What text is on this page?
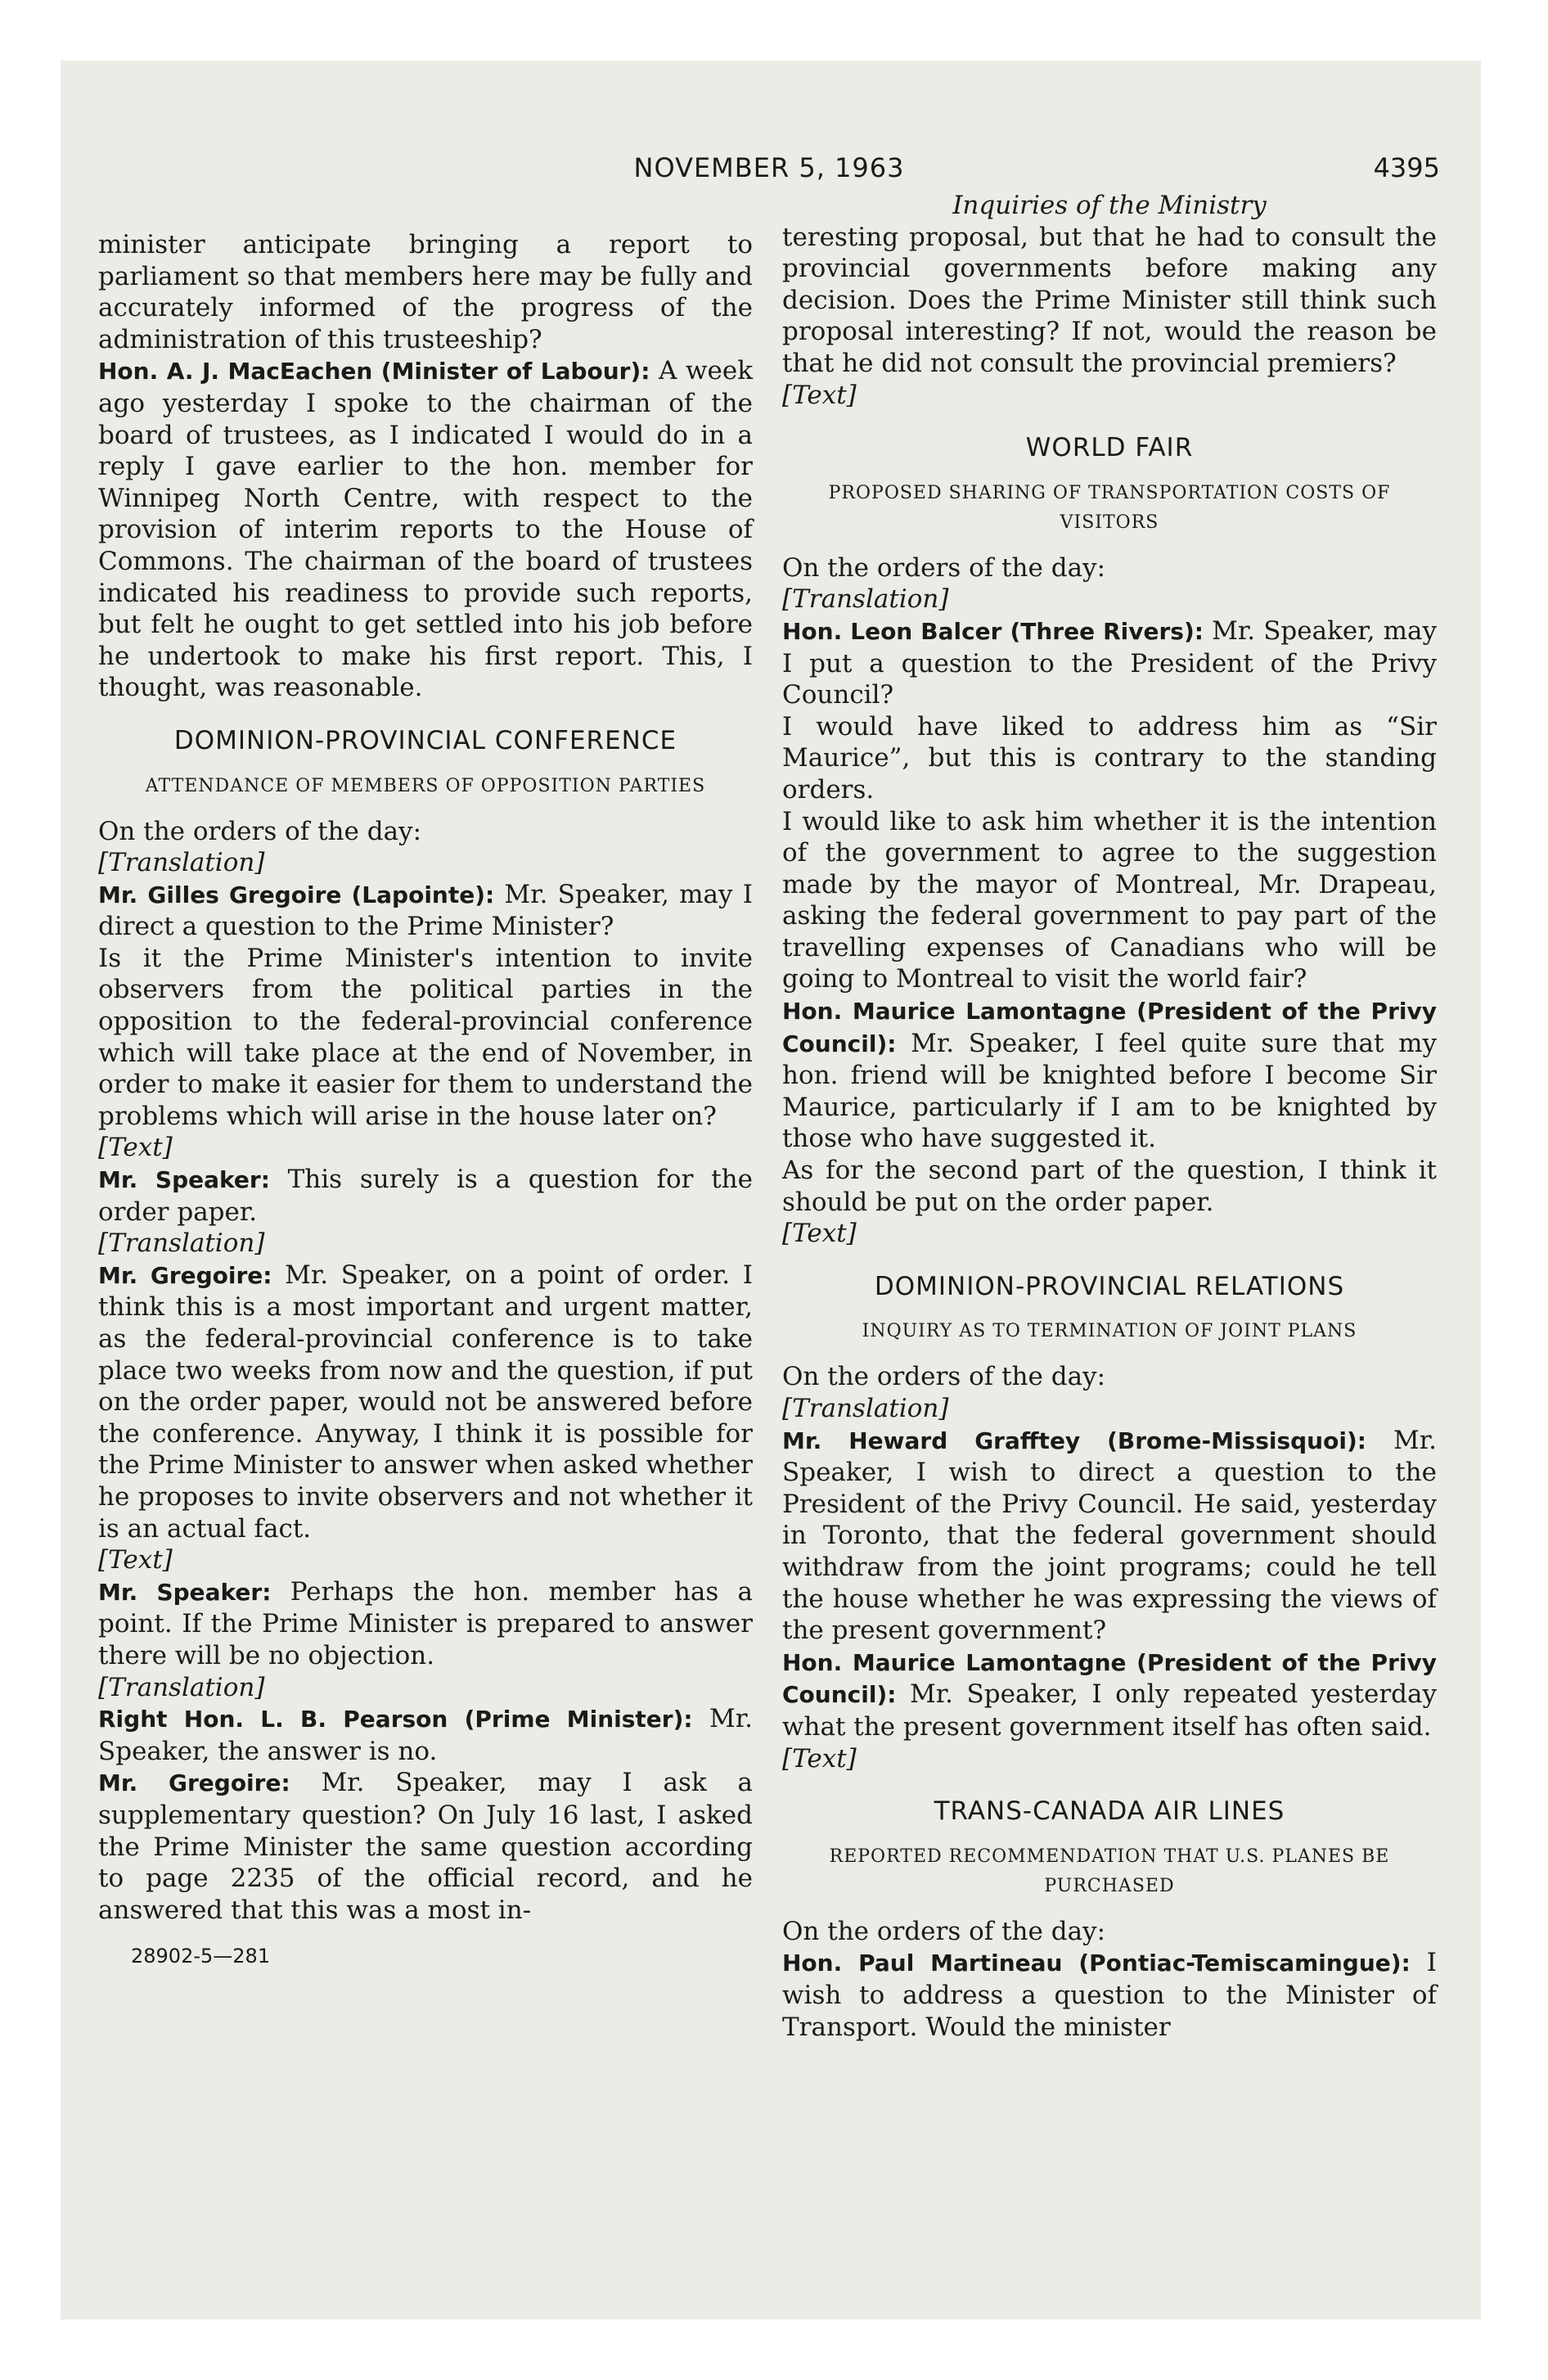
NOVEMBER 5, 1963	4395

minister anticipate bringing a report to parliament so that members here may be fully and accurately informed of the progress of the administration of this trusteeship?

Hon. A. J. MacEachen (Minister of Labour): A week ago yesterday I spoke to the chairman of the board of trustees, as I indicated I would do in a reply I gave earlier to the hon. member for Winnipeg North Centre, with respect to the provision of interim reports to the House of Commons. The chairman of the board of trustees indicated his readiness to provide such reports, but felt he ought to get settled into his job before he undertook to make his first report. This, I thought, was reasonable.

DOMINION-PROVINCIAL CONFERENCE
ATTENDANCE OF MEMBERS OF OPPOSITION PARTIES

On the orders of the day:

[Translation]

Mr. Gilles Gregoire (Lapointe): Mr. Speaker, may I direct a question to the Prime Minister?

Is it the Prime Minister's intention to invite observers from the political parties in the opposition to the federal-provincial conference which will take place at the end of November, in order to make it easier for them to understand the problems which will arise in the house later on?

[Text]

Mr. Speaker: This surely is a question for the order paper.

[Translation]

Mr. Gregoire: Mr. Speaker, on a point of order. I think this is a most important and urgent matter, as the federal-provincial conference is to take place two weeks from now and the question, if put on the order paper, would not be answered before the conference. Anyway, I think it is possible for the Prime Minister to answer when asked whether he proposes to invite observers and not whether it is an actual fact.

[Text]

Mr. Speaker: Perhaps the hon. member has a point. If the Prime Minister is prepared to answer there will be no objection.

[Translation]

Right Hon. L. B. Pearson (Prime Minister): Mr. Speaker, the answer is no.

Mr. Gregoire: Mr. Speaker, may I ask a supplementary question? On July 16 last, I asked the Prime Minister the same question according to page 2235 of the official record, and he answered that this was a most in-

28902-5—281
Inquiries of the Ministry

teresting proposal, but that he had to consult the provincial governments before making any decision. Does the Prime Minister still think such proposal interesting? If not, would the reason be that he did not consult the provincial premiers?

[Text]

WORLD FAIR
PROPOSED SHARING OF TRANSPORTATION COSTS OF VISITORS

On the orders of the day:

[Translation]

Hon. Leon Balcer (Three Rivers): Mr. Speaker, may I put a question to the President of the Privy Council?

I would have liked to address him as “Sir Maurice”, but this is contrary to the standing orders.

I would like to ask him whether it is the intention of the government to agree to the suggestion made by the mayor of Montreal, Mr. Drapeau, asking the federal government to pay part of the travelling expenses of Canadians who will be going to Montreal to visit the world fair?

Hon. Maurice Lamontagne (President of the Privy Council): Mr. Speaker, I feel quite sure that my hon. friend will be knighted before I become Sir Maurice, particularly if I am to be knighted by those who have suggested it.

As for the second part of the question, I think it should be put on the order paper.

[Text]

DOMINION-PROVINCIAL RELATIONS
INQUIRY AS TO TERMINATION OF JOINT PLANS

On the orders of the day:

[Translation]

Mr. Heward Grafftey (Brome-Missisquoi): Mr. Speaker, I wish to direct a question to the President of the Privy Council. He said, yesterday in Toronto, that the federal government should withdraw from the joint programs; could he tell the house whether he was expressing the views of the present government?

Hon. Maurice Lamontagne (President of the Privy Council): Mr. Speaker, I only repeated yesterday what the present government itself has often said.

[Text]

TRANS-CANADA AIR LINES
REPORTED RECOMMENDATION THAT U.S. PLANES BE PURCHASED

On the orders of the day:

Hon. Paul Martineau (Pontiac-Temiscamingue): I wish to address a question to the Minister of Transport. Would the minister
